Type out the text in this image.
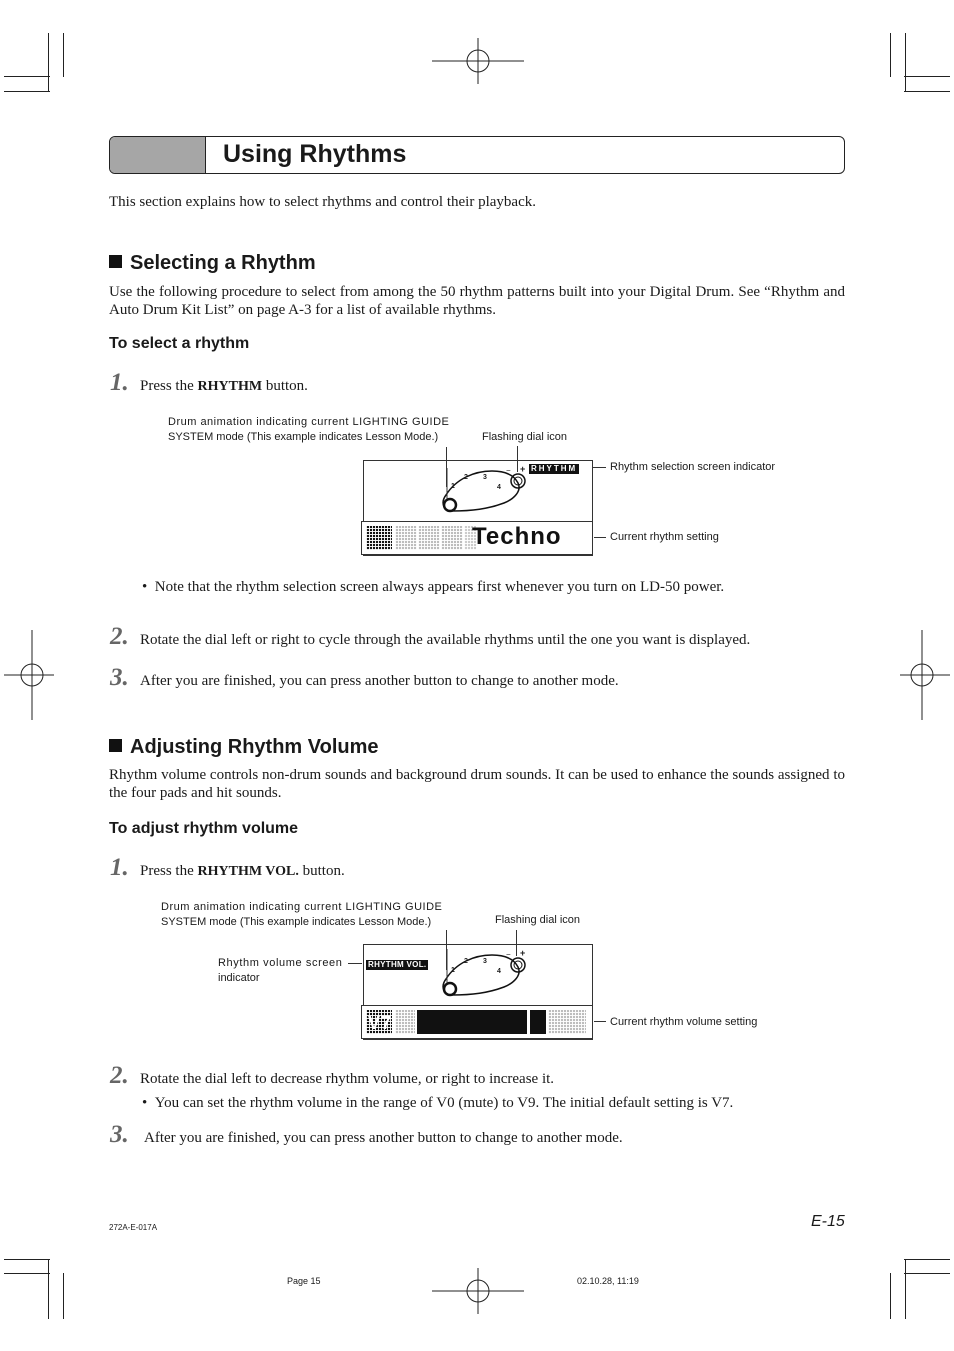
Using Rhythms
This section explains how to select rhythms and control their playback.
Selecting a Rhythm
Use the following procedure to select from among the 50 rhythm patterns built into your Digital Drum. See “Rhythm and Auto Drum Kit List” on page A-3 for a list of available rhythms.
To select a rhythm
1. Press the RHYTHM button.
Drum animation indicating current LIGHTING GUIDE
SYSTEM mode (This example indicates Lesson Mode.)	Flashing dial icon
1
2 3
4
− + RHYTHM
Techno
Rhythm selection screen indicator
Current rhythm setting
•  Note that the rhythm selection screen always appears first whenever you turn on LD-50 power.
2. Rotate the dial left or right to cycle through the available rhythms until the one you want is displayed.
3. After you are finished, you can press another button to change to another mode.
Adjusting Rhythm Volume
Rhythm volume controls non-drum sounds and background drum sounds. It can be used to enhance the sounds assigned to the four pads and hit sounds.
To adjust rhythm volume
1. Press the RHYTHM VOL. button.
Drum animation indicating current LIGHTING GUIDE
SYSTEM mode (This example indicates Lesson Mode.)	Flashing dial icon
Rhythm volume screen
indicator
RHYTHM VOL.
1
2 3
4
− +
V7	Current rhythm volume setting
2. Rotate the dial left to decrease rhythm volume, or right to increase it.
•  You can set the rhythm volume in the range of V0 (mute) to V9. The initial default setting is V7.
3. After you are finished, you can press another button to change to another mode.
E-15
272A-E-017A
Page 15	02.10.28, 11:19
